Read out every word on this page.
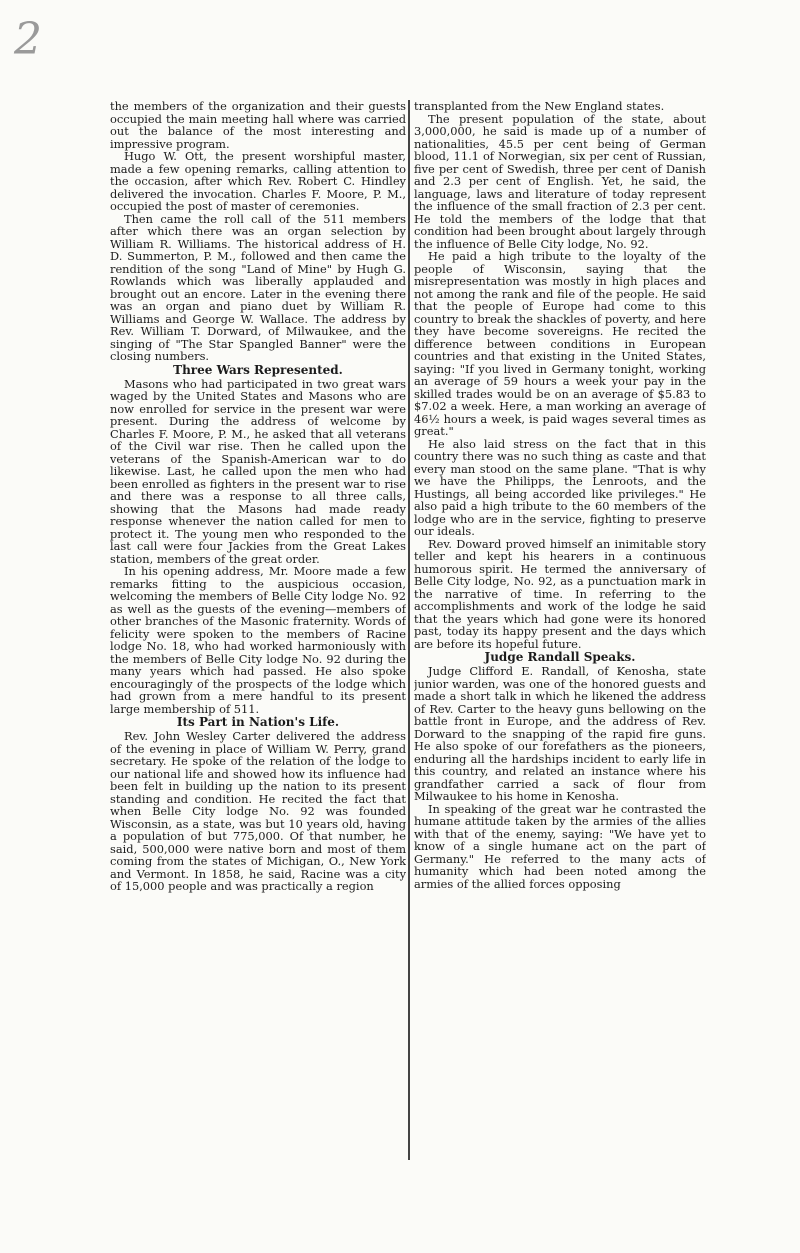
2

the members of the organization and their guests occupied the main meeting hall where was carried out the balance of the most interesting and impressive program.

Hugo W. Ott, the present worshipful master, made a few opening remarks, calling attention to the occasion, after which Rev. Robert C. Hindley delivered the invocation. Charles F. Moore, P. M., occupied the post of master of ceremonies.

Then came the roll call of the 511 members after which there was an organ selection by William R. Williams. The historical address of H. D. Summerton, P. M., followed and then came the rendition of the song "Land of Mine" by Hugh G. Rowlands which was liberally applauded and brought out an encore. Later in the evening there was an organ and piano duet by William R. Williams and George W. Wallace. The address by Rev. William T. Dorward, of Milwaukee, and the singing of "The Star Spangled Banner" were the closing numbers.

Three Wars Represented.

Masons who had participated in two great wars waged by the United States and Masons who are now enrolled for service in the present war were present. During the address of welcome by Charles F. Moore, P. M., he asked that all veterans of the Civil war rise. Then he called upon the veterans of the Spanish-American war to do likewise. Last, he called upon the men who had been enrolled as fighters in the present war to rise and there was a response to all three calls, showing that the Masons had made ready response whenever the nation called for men to protect it. The young men who responded to the last call were four Jackies from the Great Lakes station, members of the great order.

In his opening address, Mr. Moore made a few remarks fitting to the auspicious occasion, welcoming the members of Belle City lodge No. 92 as well as the guests of the evening—members of other branches of the Masonic fraternity. Words of felicity were spoken to the members of Racine lodge No. 18, who had worked harmoniously with the members of Belle City lodge No. 92 during the many years which had passed. He also spoke encouragingly of the prospects of the lodge which had grown from a mere handful to its present large membership of 511.

Its Part in Nation's Life.

Rev. John Wesley Carter delivered the address of the evening in place of William W. Perry, grand secretary. He spoke of the relation of the lodge to our national life and showed how its influence had been felt in building up the nation to its present standing and condition. He recited the fact that when Belle City lodge No. 92 was founded Wisconsin, as a state, was but 10 years old, having a population of but 775,000. Of that number, he said, 500,000 were native born and most of them coming from the states of Michigan, O., New York and Vermont. In 1858, he said, Racine was a city of 15,000 people and was practically a region

transplanted from the New England states.

The present population of the state, about 3,000,000, he said is made up of a number of nationalities, 45.5 per cent being of German blood, 11.1 of Norwegian, six per cent of Russian, five per cent of Swedish, three per cent of Danish and 2.3 per cent of English. Yet, he said, the language, laws and literature of today represent the influence of the small fraction of 2.3 per cent. He told the members of the lodge that that condition had been brought about largely through the influence of Belle City lodge, No. 92.

He paid a high tribute to the loyalty of the people of Wisconsin, saying that the misrepresentation was mostly in high places and not among the rank and file of the people. He said that the people of Europe had come to this country to break the shackles of poverty, and here they have become sovereigns. He recited the difference between conditions in European countries and that existing in the United States, saying: "If you lived in Germany tonight, working an average of 59 hours a week your pay in the skilled trades would be on an average of $5.83 to $7.02 a week. Here, a man working an average of 46½ hours a week, is paid wages several times as great."

He also laid stress on the fact that in this country there was no such thing as caste and that every man stood on the same plane. "That is why we have the Philipps, the Lenroots, and the Hustings, all being accorded like privileges." He also paid a high tribute to the 60 members of the lodge who are in the service, fighting to preserve our ideals.

Rev. Doward proved himself an inimitable story teller and kept his hearers in a continuous humorous spirit. He termed the anniversary of Belle City lodge, No. 92, as a punctuation mark in the narrative of time. In referring to the accomplishments and work of the lodge he said that the years which had gone were its honored past, today its happy present and the days which are before its hopeful future.

Judge Randall Speaks.

Judge Clifford E. Randall, of Kenosha, state junior warden, was one of the honored guests and made a short talk in which he likened the address of Rev. Carter to the heavy guns bellowing on the battle front in Europe, and the address of Rev. Dorward to the snapping of the rapid fire guns. He also spoke of our forefathers as the pioneers, enduring all the hardships incident to early life in this country, and related an instance where his grandfather carried a sack of flour from Milwaukee to his home in Kenosha.

In speaking of the great war he contrasted the humane attitude taken by the armies of the allies with that of the enemy, saying: "We have yet to know of a single humane act on the part of Germany." He referred to the many acts of humanity which had been noted among the armies of the allied forces opposing
